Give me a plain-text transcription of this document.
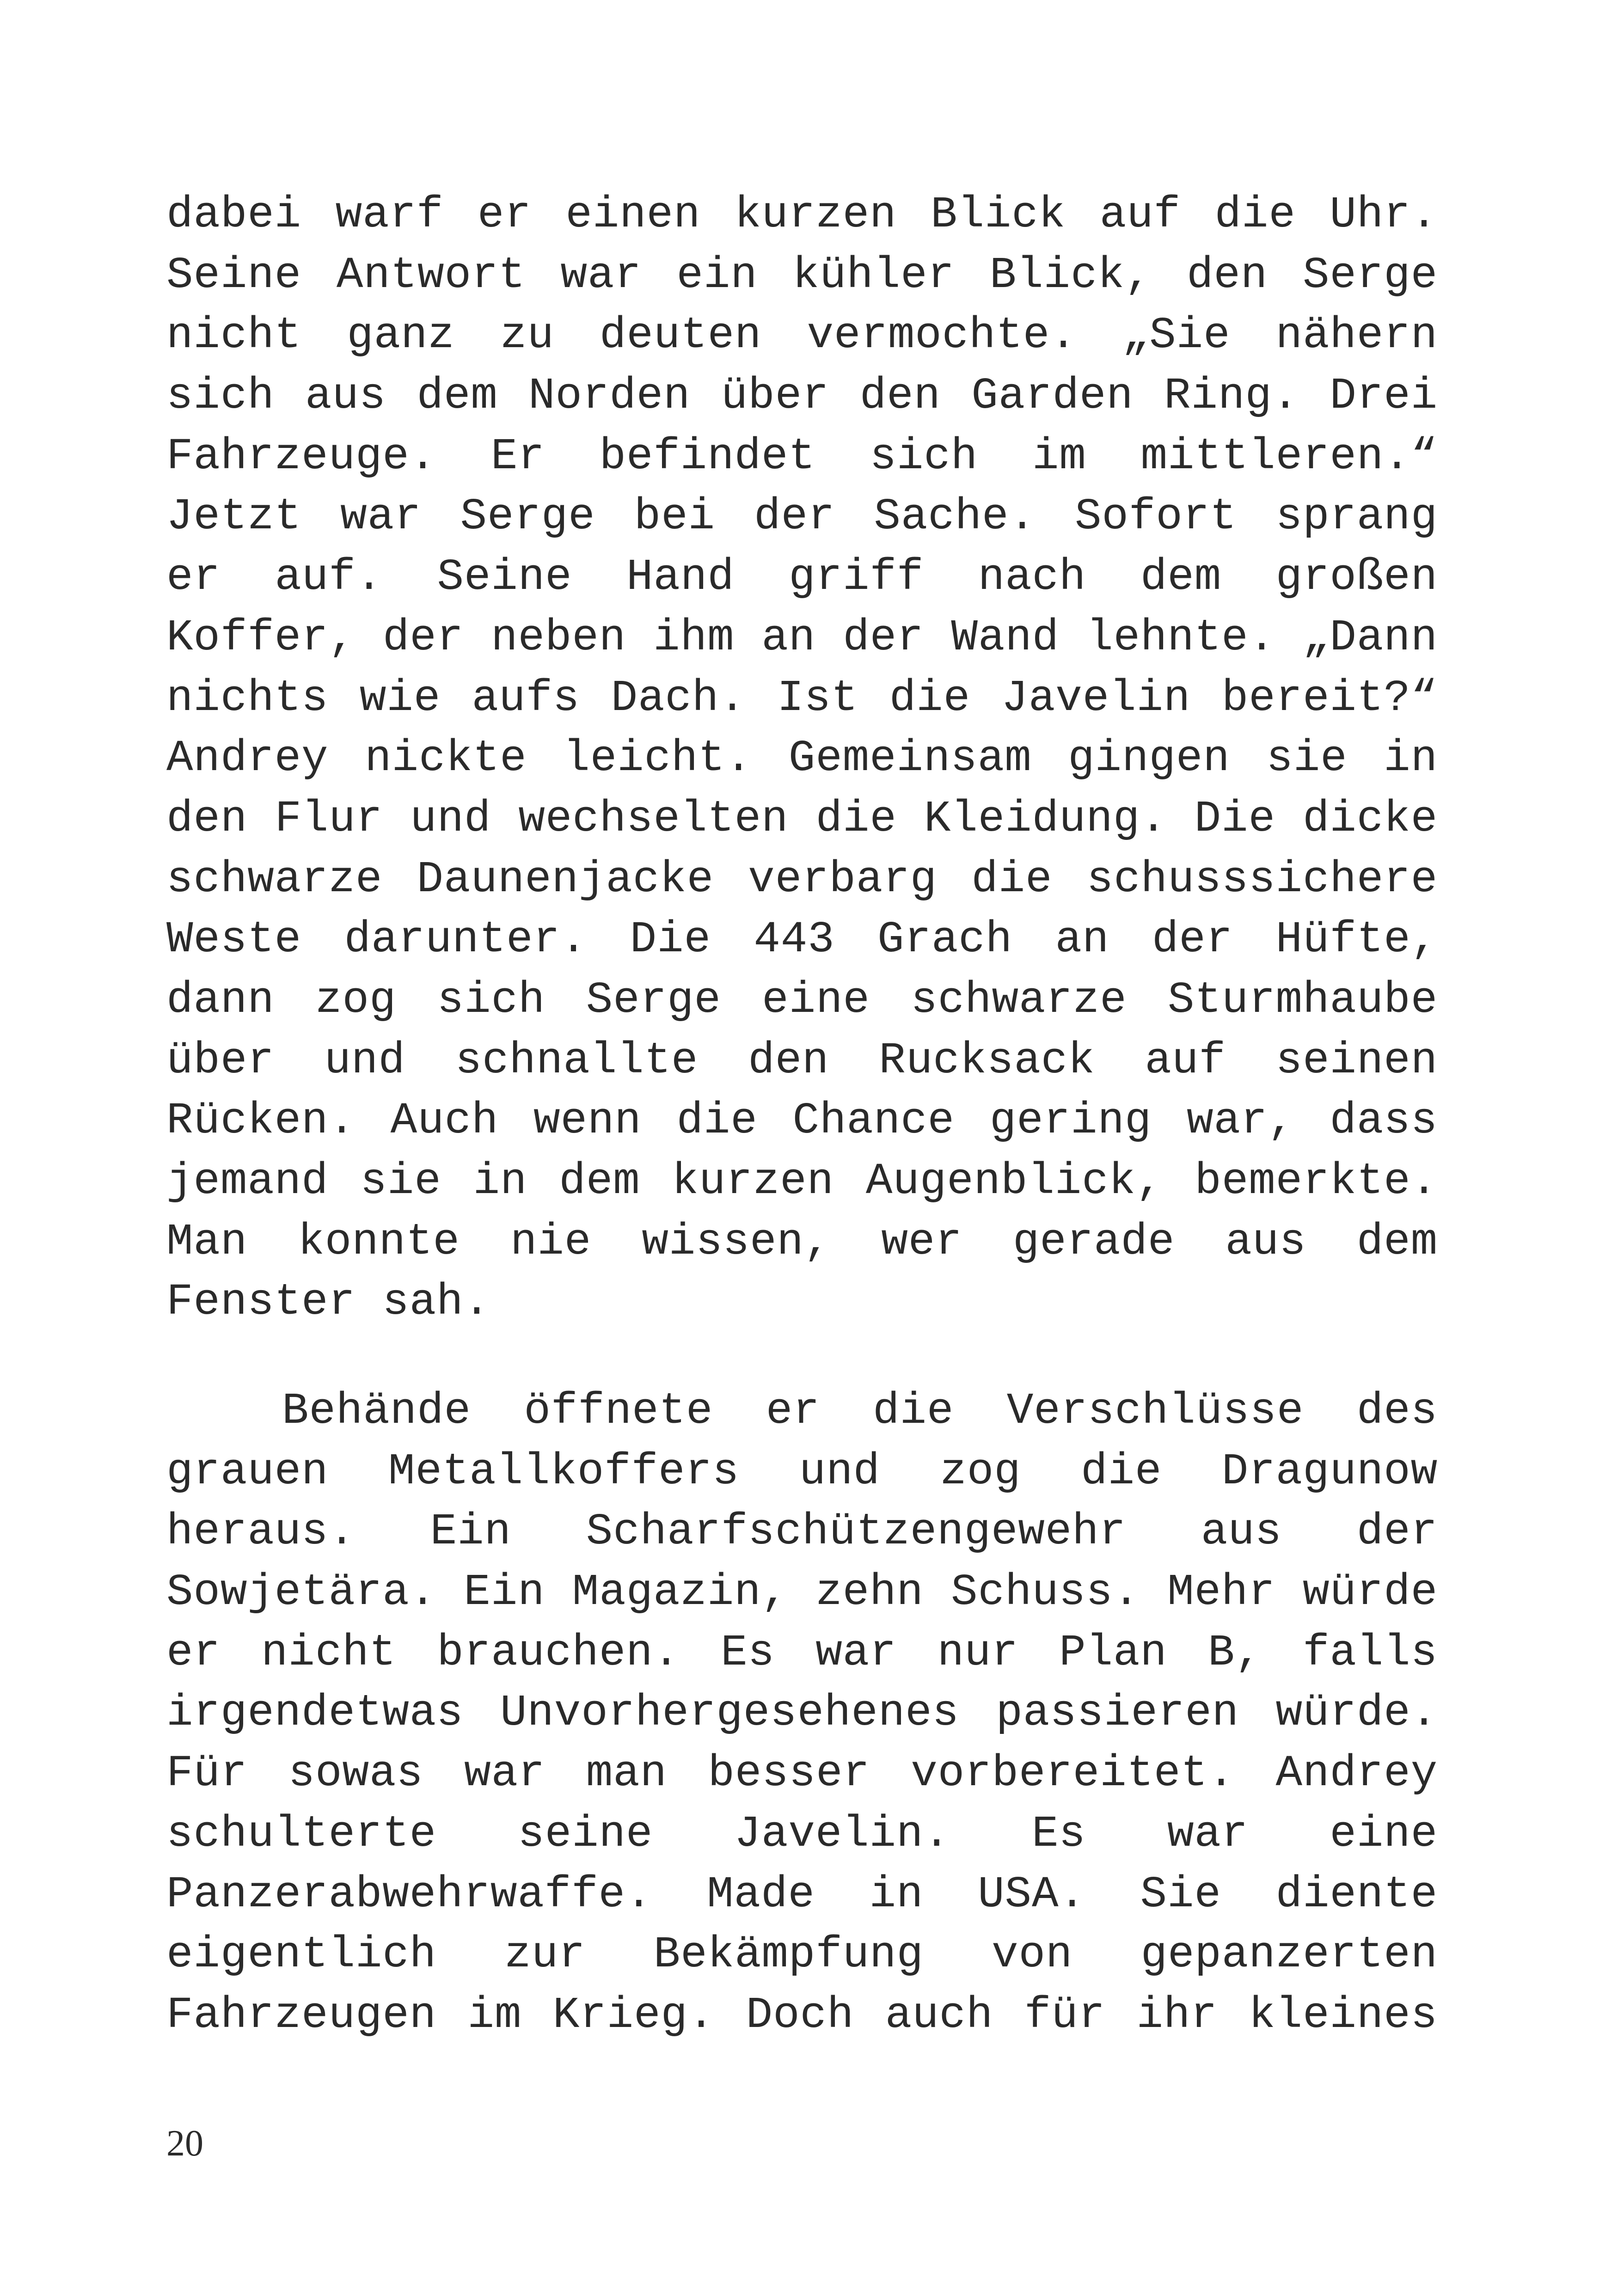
dabei warf er einen kurzen Blick auf die Uhr.
Seine Antwort war ein kühler Blick, den Serge
nicht ganz zu deuten vermochte. „Sie nähern
sich aus dem Norden über den Garden Ring. Drei
Fahrzeuge. Er befindet sich im mittleren.“
Jetzt war Serge bei der Sache. Sofort sprang
er auf. Seine Hand griff nach dem großen
Koffer, der neben ihm an der Wand lehnte. „Dann
nichts wie aufs Dach. Ist die Javelin bereit?“
Andrey nickte leicht. Gemeinsam gingen sie in
den Flur und wechselten die Kleidung. Die dicke
schwarze Daunenjacke verbarg die schusssichere
Weste darunter. Die 443 Grach an der Hüfte,
dann zog sich Serge eine schwarze Sturmhaube
über und schnallte den Rucksack auf seinen
Rücken. Auch wenn die Chance gering war, dass
jemand sie in dem kurzen Augenblick, bemerkte.
Man konnte nie wissen, wer gerade aus dem
Fenster sah.
Behände öffnete er die Verschlüsse des
grauen Metallkoffers und zog die Dragunow
heraus. Ein Scharfschützengewehr aus der
Sowjetära. Ein Magazin, zehn Schuss. Mehr würde
er nicht brauchen. Es war nur Plan B, falls
irgendetwas Unvorhergesehenes passieren würde.
Für sowas war man besser vorbereitet. Andrey
schulterte seine Javelin. Es war eine
Panzerabwehrwaffe. Made in USA. Sie diente
eigentlich zur Bekämpfung von gepanzerten
Fahrzeugen im Krieg. Doch auch für ihr kleines
20
